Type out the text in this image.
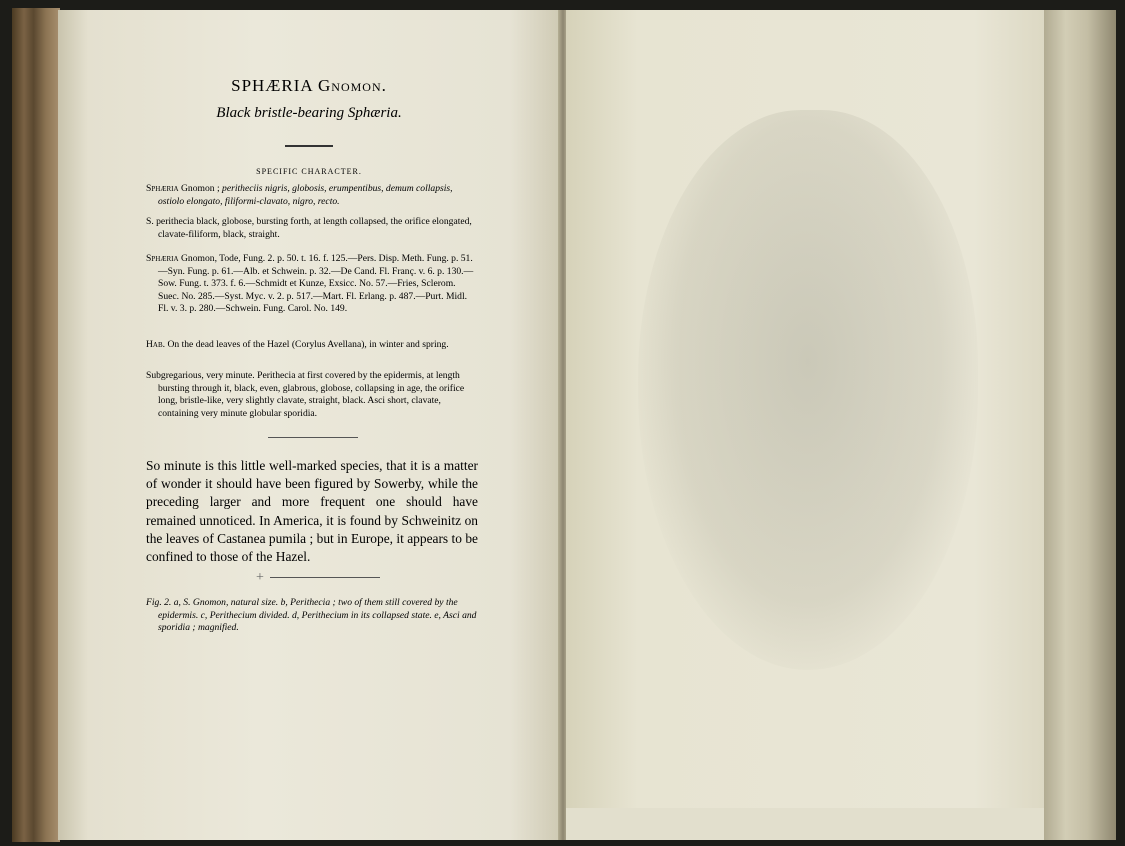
SPHÆRIA Gnomon.
Black bristle-bearing Sphæria.
SPECIFIC CHARACTER.
Sphæria Gnomon ; peritheciis nigris, globosis, erumpentibus, demum collapsis, ostiolo elongato, filiformi-clavato, nigro, recto.
S. perithecia black, globose, bursting forth, at length collapsed, the orifice elongated, clavate-filiform, black, straight.
Sphæria Gnomon, Tode, Fung. 2. p. 50. t. 16. f. 125.—Pers. Disp. Meth. Fung. p. 51.—Syn. Fung. p. 61.—Alb. et Schwein. p. 32.—De Cand. Fl. Franç. v. 6. p. 130.—Sow. Fung. t. 373. f. 6.—Schmidt et Kunze, Exsicc. No. 57.—Fries, Sclerom. Suec. No. 285.—Syst. Myc. v. 2. p. 517.—Mart. Fl. Erlang. p. 487.—Purt. Midl. Fl. v. 3. p. 280.—Schwein. Fung. Carol. No. 149.
Hab. On the dead leaves of the Hazel (Corylus Avellana), in winter and spring.
Subgregarious, very minute. Perithecia at first covered by the epidermis, at length bursting through it, black, even, glabrous, globose, collapsing in age, the orifice long, bristle-like, very slightly clavate, straight, black. Asci short, clavate, containing very minute globular sporidia.
So minute is this little well-marked species, that it is a matter of wonder it should have been figured by Sowerby, while the preceding larger and more frequent one should have remained unnoticed. In America, it is found by Schweinitz on the leaves of Castanea pumila ; but in Europe, it appears to be confined to those of the Hazel.
+
Fig. 2. a, S. Gnomon, natural size. b, Perithecia ; two of them still covered by the epidermis. c, Perithecium divided. d, Perithecium in its collapsed state. e, Asci and sporidia ; magnified.
